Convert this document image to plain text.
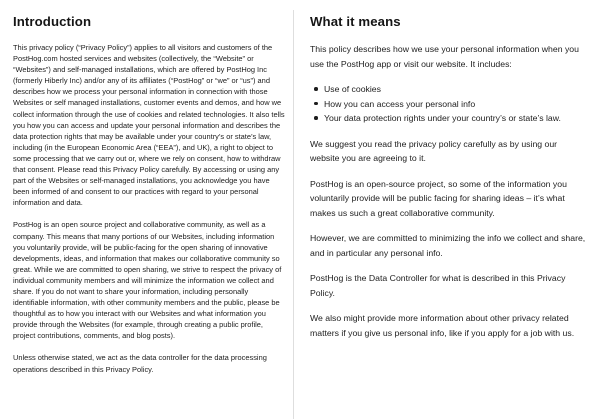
Introduction

This privacy policy (“Privacy Policy”) applies to all visitors and customers of the PostHog.com hosted services and websites (collectively, the “Website” or “Websites”) and self-managed installations, which are offered by PostHog Inc (formerly Hiberly Inc) and/or any of its affiliates (“PostHog” or “we” or “us”) and describes how we process your personal information in connection with those Websites or self managed installations, customer events and demos, and how we collect information through the use of cookies and related technologies. It also tells you how you can access and update your personal information and describes the data protection rights that may be available under your country’s or state’s law, including (in the European Economic Area (“EEA”), and UK), a right to object to some processing that we carry out or, where we rely on consent, how to withdraw that consent. Please read this Privacy Policy carefully. By accessing or using any part of the Websites or self-managed installations, you acknowledge you have been informed of and consent to our practices with regard to your personal information and data.

PostHog is an open source project and collaborative community, as well as a company. This means that many portions of our Websites, including information you voluntarily provide, will be public-facing for the open sharing of innovative developments, ideas, and information that makes our collaborative community so great. While we are committed to open sharing, we strive to respect the privacy of individual community members and will minimize the information we collect and share. If you do not want to share your information, including personally identifiable information, with other community members and the public, please be thoughtful as to how you interact with our Websites and what information you provide through the Websites (for example, through creating a public profile, project contributions, comments, and blog posts).

Unless otherwise stated, we act as the data controller for the data processing operations described in this Privacy Policy.

What it means

This policy describes how we use your personal information when you use the PostHog app or visit our website. It includes:

Use of cookies
How you can access your personal info
Your data protection rights under your country’s or state’s law.

We suggest you read the privacy policy carefully as by using our website you are agreeing to it.

PostHog is an open-source project, so some of the information you voluntarily provide will be public facing for sharing ideas – it’s what makes us such a great collaborative community.

However, we are committed to minimizing the info we collect and share, and in particular any personal info.

PostHog is the Data Controller for what is described in this Privacy Policy.

We also might provide more information about other privacy related matters if you give us personal info, like if you apply for a job with us.
